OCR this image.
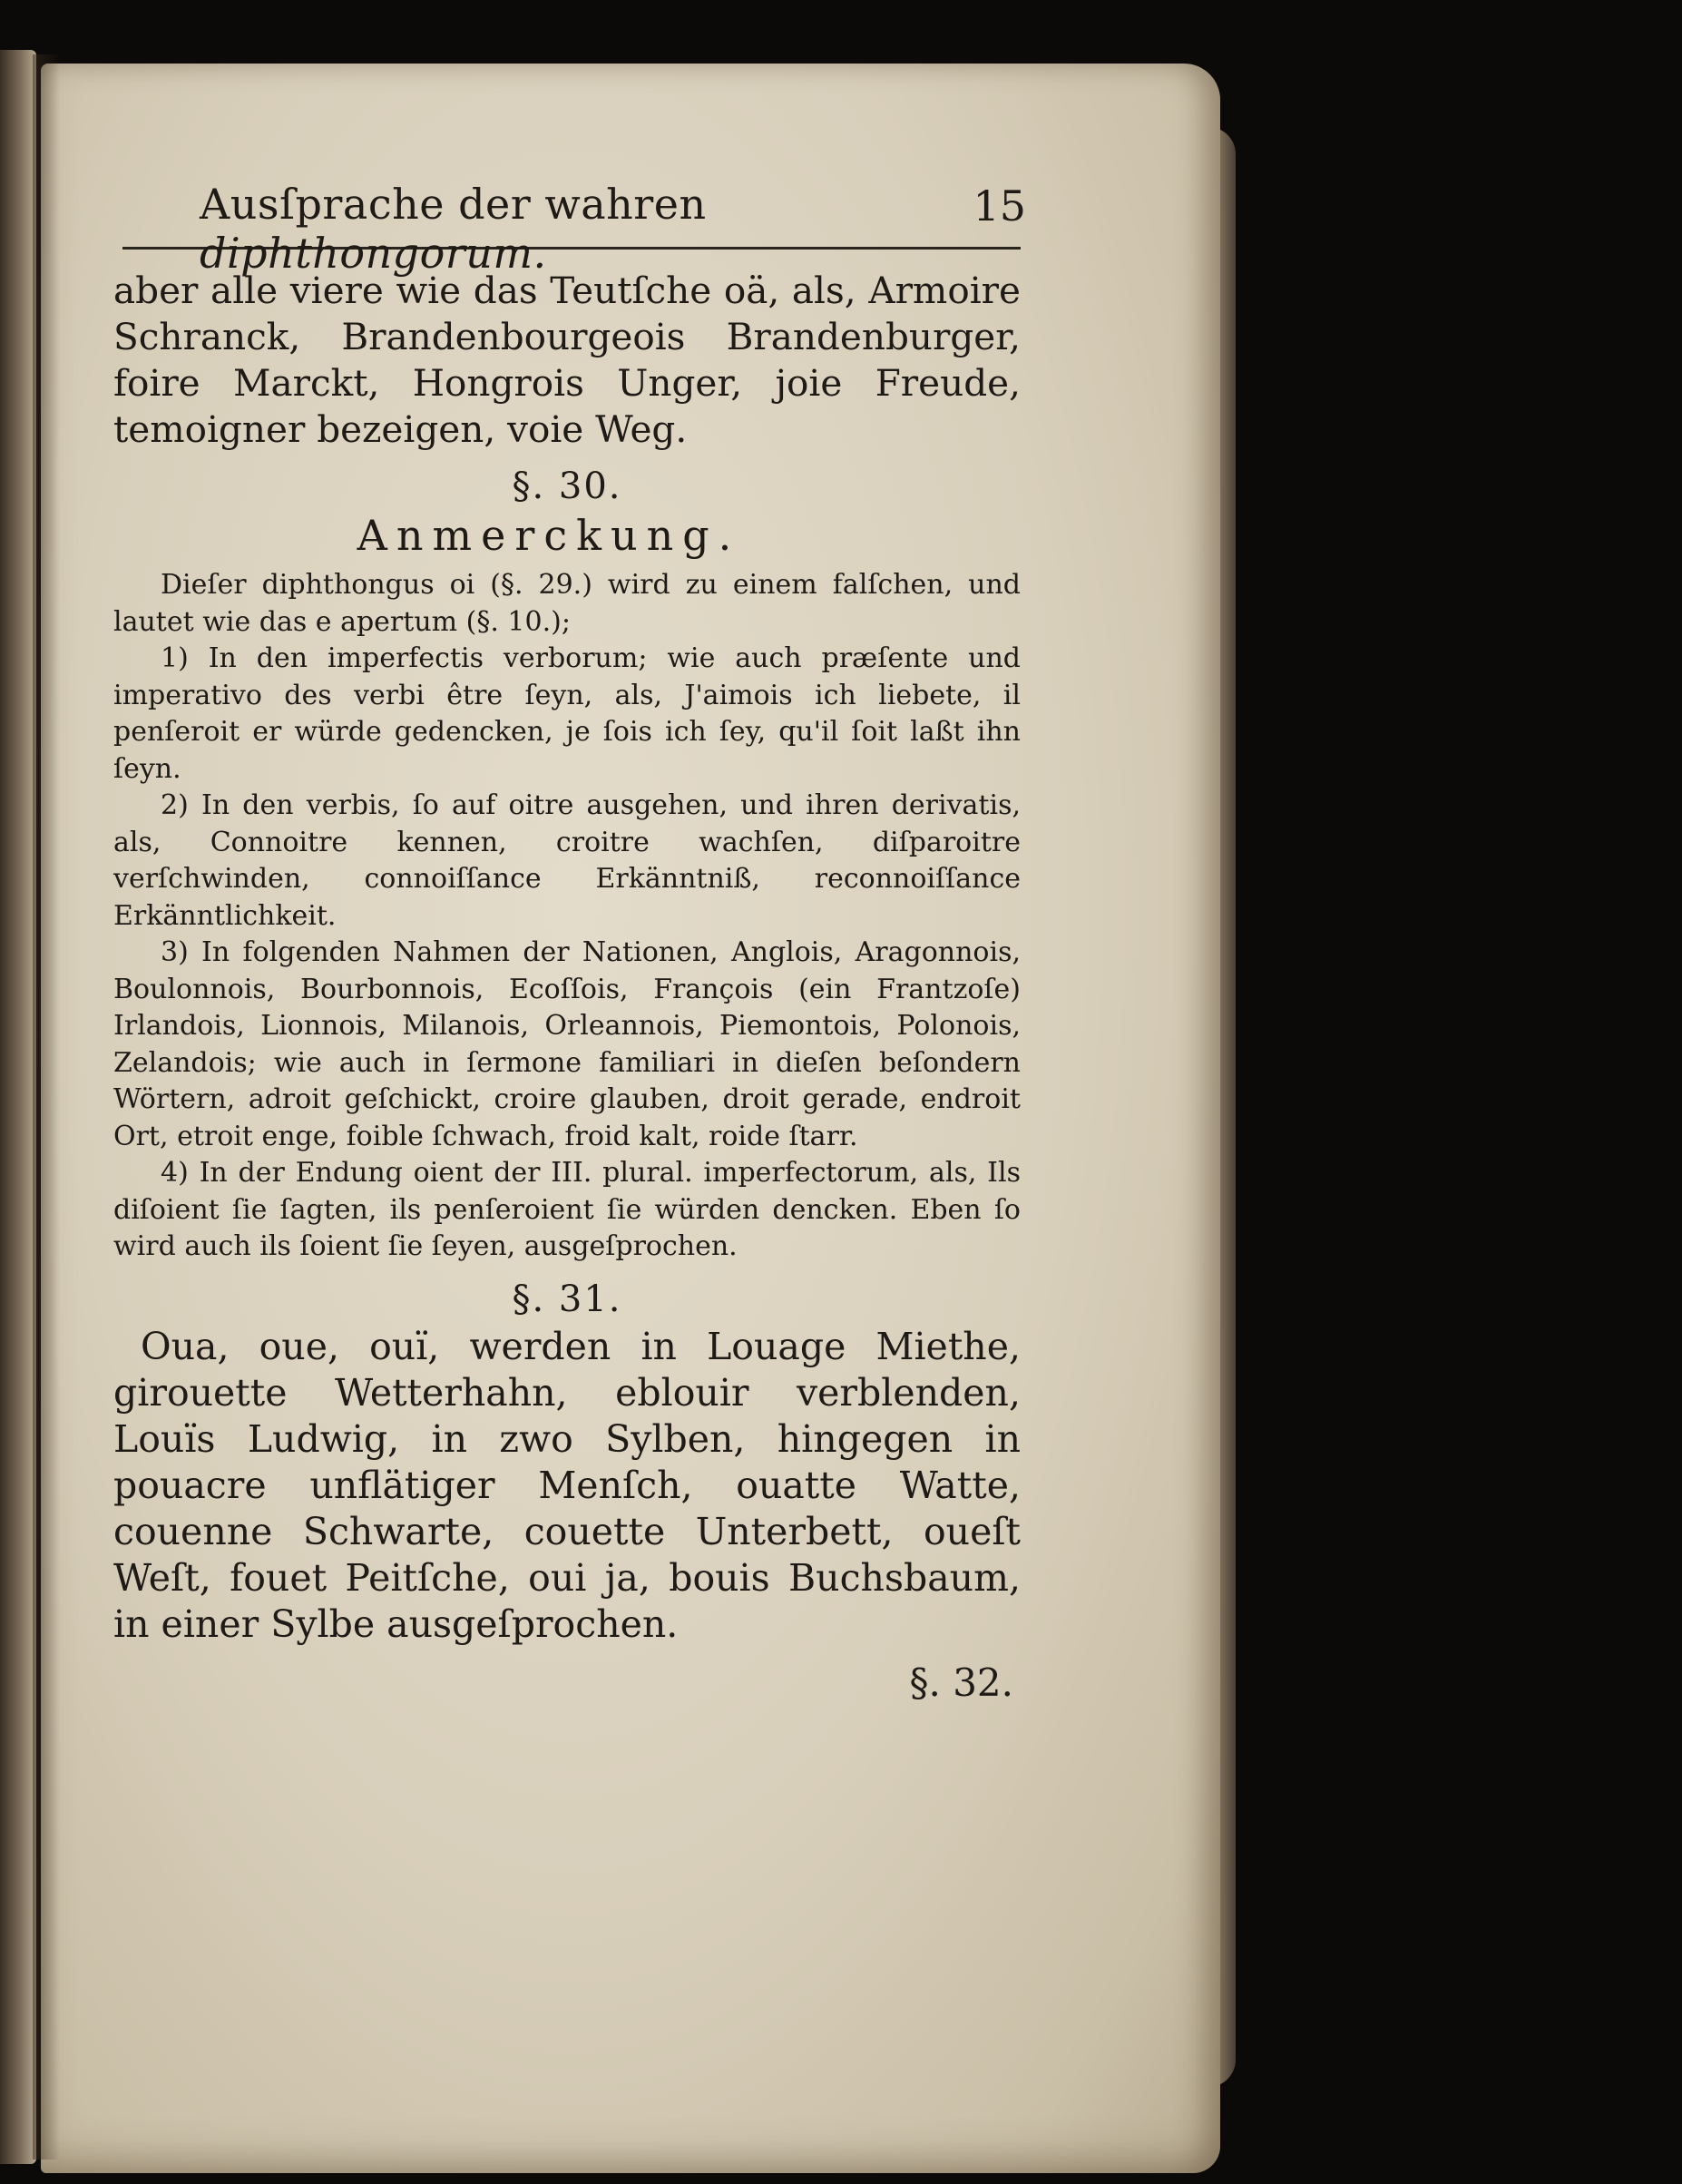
Ausſprache der wahren diphthongorum.
15

aber alle viere wie das Teutſche oä, als, Armoire Schranck, Brandenbourgeois Brandenburger, foire Marckt, Hongrois Unger, joie Freude, temoigner bezeigen, voie Weg.

§. 30.
Anmerckung.

Dieſer diphthongus oi (§. 29.) wird zu einem falſchen, und lautet wie das e apertum (§. 10.);

1) In den imperfectis verborum; wie auch præſente und imperativo des verbi être ſeyn, als, J'aimois ich liebete, il penſeroit er würde gedencken, je ſois ich ſey, qu'il ſoit laßt ihn ſeyn.

2) In den verbis, ſo auf oitre ausgehen, und ihren derivatis, als, Connoitre kennen, croitre wachſen, diſparoitre verſchwinden, connoiſſance Erkänntniß, reconnoiſſance Erkänntlichkeit.

3) In folgenden Nahmen der Nationen, Anglois, Aragonnois, Boulonnois, Bourbonnois, Ecoſſois, François (ein Frantzoſe) Irlandois, Lionnois, Milanois, Orleannois, Piemontois, Polonois, Zelandois; wie auch in ſermone familiari in dieſen beſondern Wörtern, adroit geſchickt, croire glauben, droit gerade, endroit Ort, etroit enge, foible ſchwach, froid kalt, roide ſtarr.

4) In der Endung oient der III. plural. imperfectorum, als, Ils diſoient ſie ſagten, ils penſeroient ſie würden dencken. Eben ſo wird auch ils ſoient ſie ſeyen, ausgeſprochen.

§. 31.

Oua, oue, ouï, werden in Louage Miethe, girouette Wetterhahn, eblouir verblenden, Louïs Ludwig, in zwo Sylben, hingegen in pouacre unflätiger Menſch, ouatte Watte, couenne Schwarte, couette Unterbett, oueſt Weſt, fouet Peitſche, oui ja, bouis Buchsbaum, in einer Sylbe ausgeſprochen.

§. 32.
